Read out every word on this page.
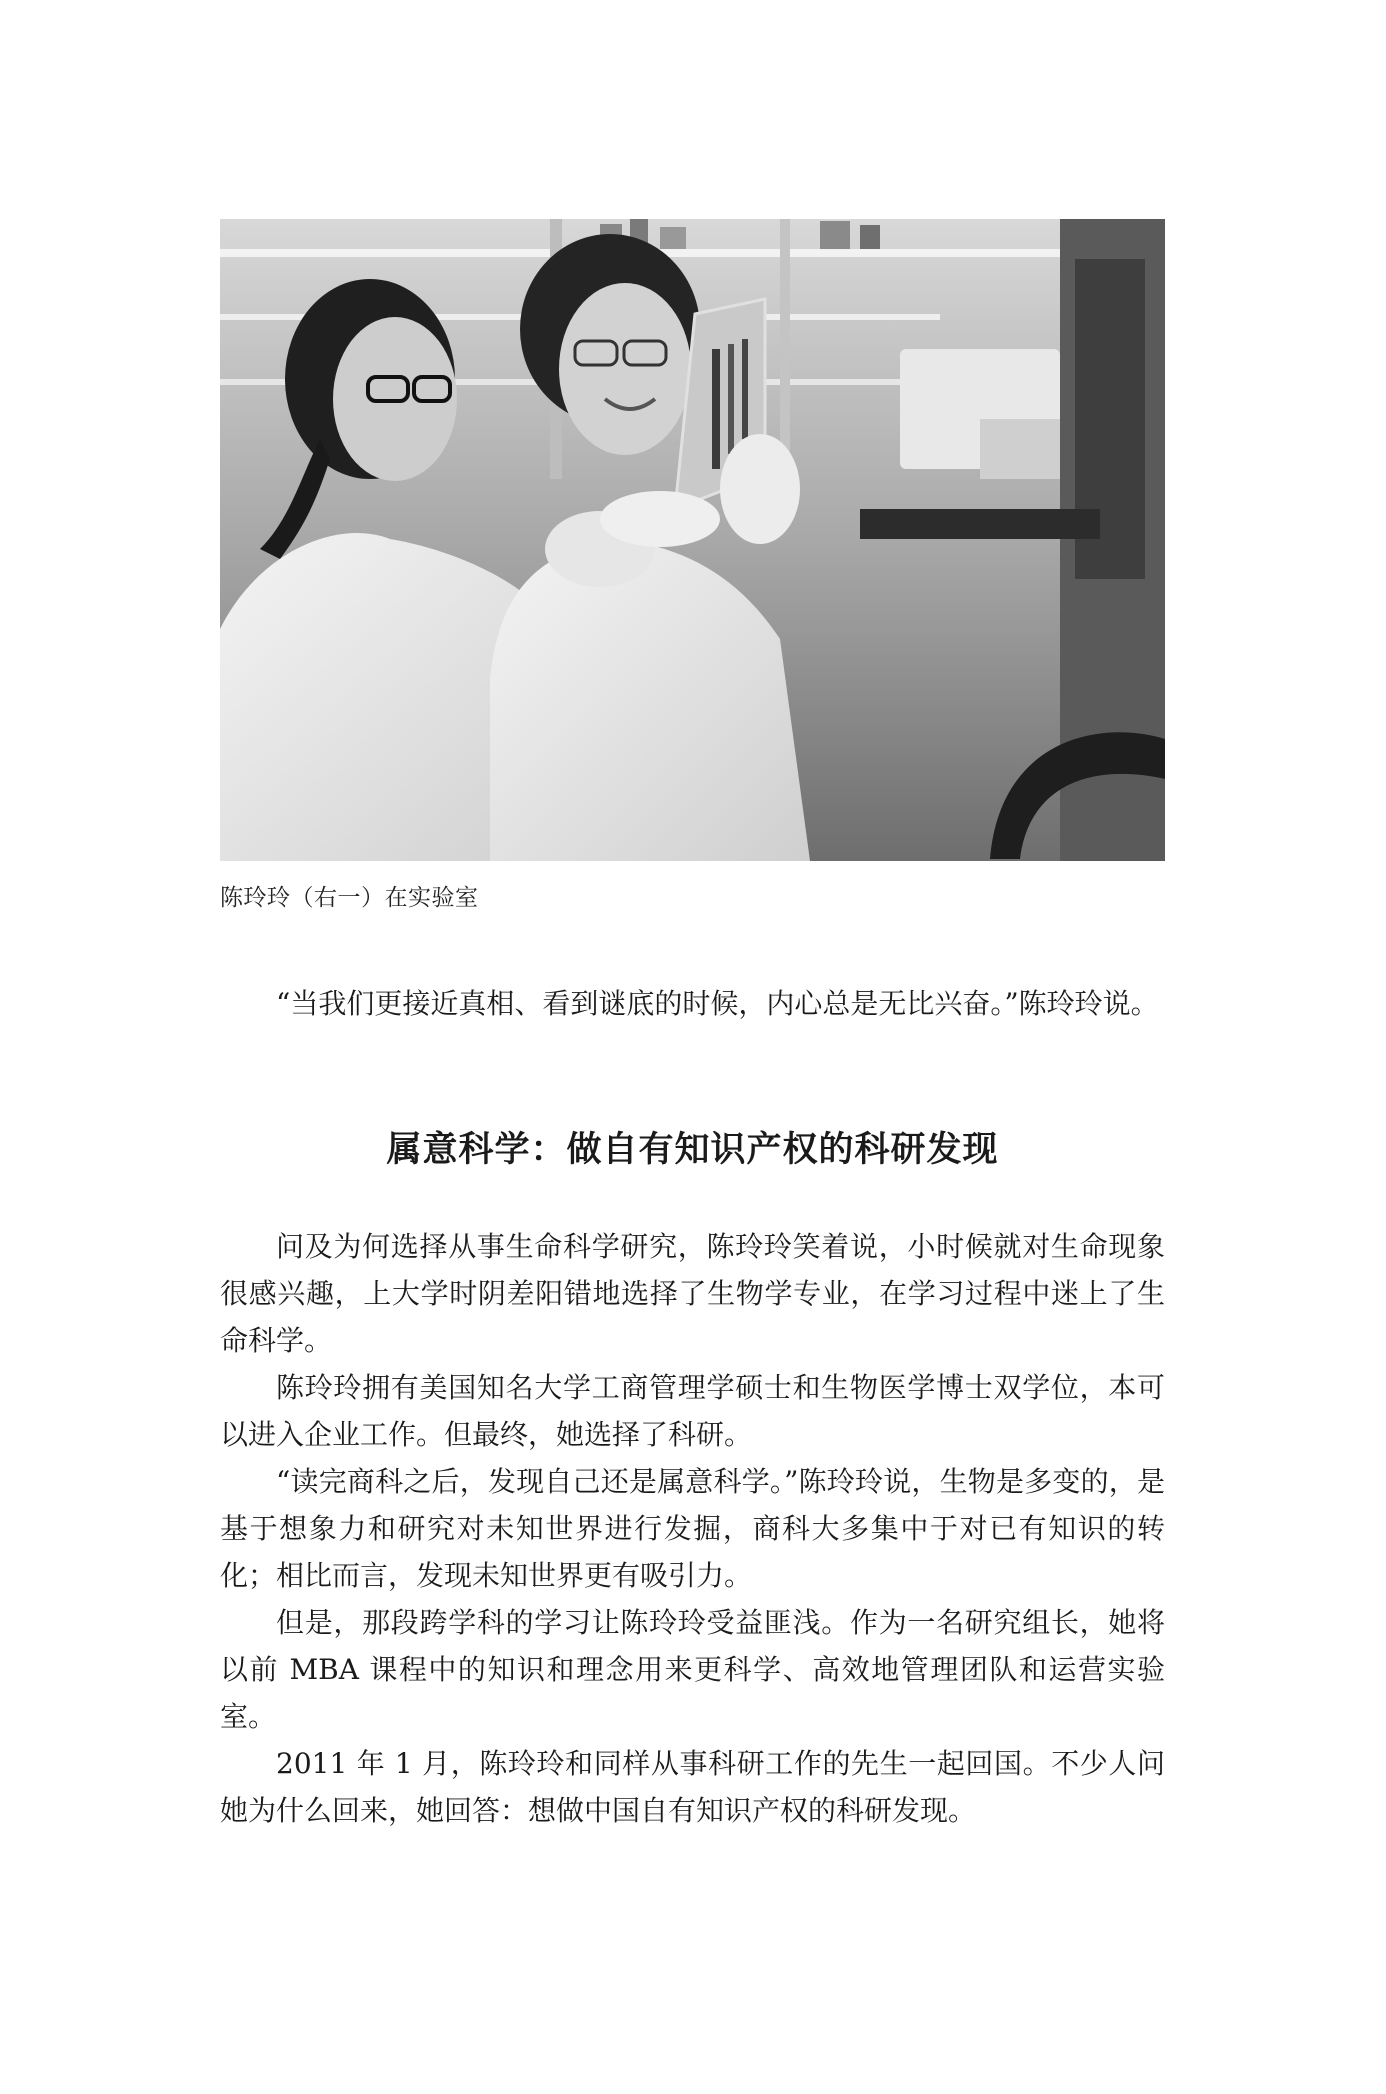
陈玲玲（右一）在实验室

“当我们更接近真相、看到谜底的时候，内心总是无比兴奋。”陈玲玲说。

属意科学：做自有知识产权的科研发现

问及为何选择从事生命科学研究，陈玲玲笑着说，小时候就对生命现象很感兴趣，上大学时阴差阳错地选择了生物学专业，在学习过程中迷上了生命科学。

陈玲玲拥有美国知名大学工商管理学硕士和生物医学博士双学位，本可以进入企业工作。但最终，她选择了科研。

“读完商科之后，发现自己还是属意科学。”陈玲玲说，生物是多变的，是基于想象力和研究对未知世界进行发掘，商科大多集中于对已有知识的转化；相比而言，发现未知世界更有吸引力。

但是，那段跨学科的学习让陈玲玲受益匪浅。作为一名研究组长，她将以前 MBA 课程中的知识和理念用来更科学、高效地管理团队和运营实验室。

2011 年 1 月，陈玲玲和同样从事科研工作的先生一起回国。不少人问她为什么回来，她回答：想做中国自有知识产权的科研发现。
